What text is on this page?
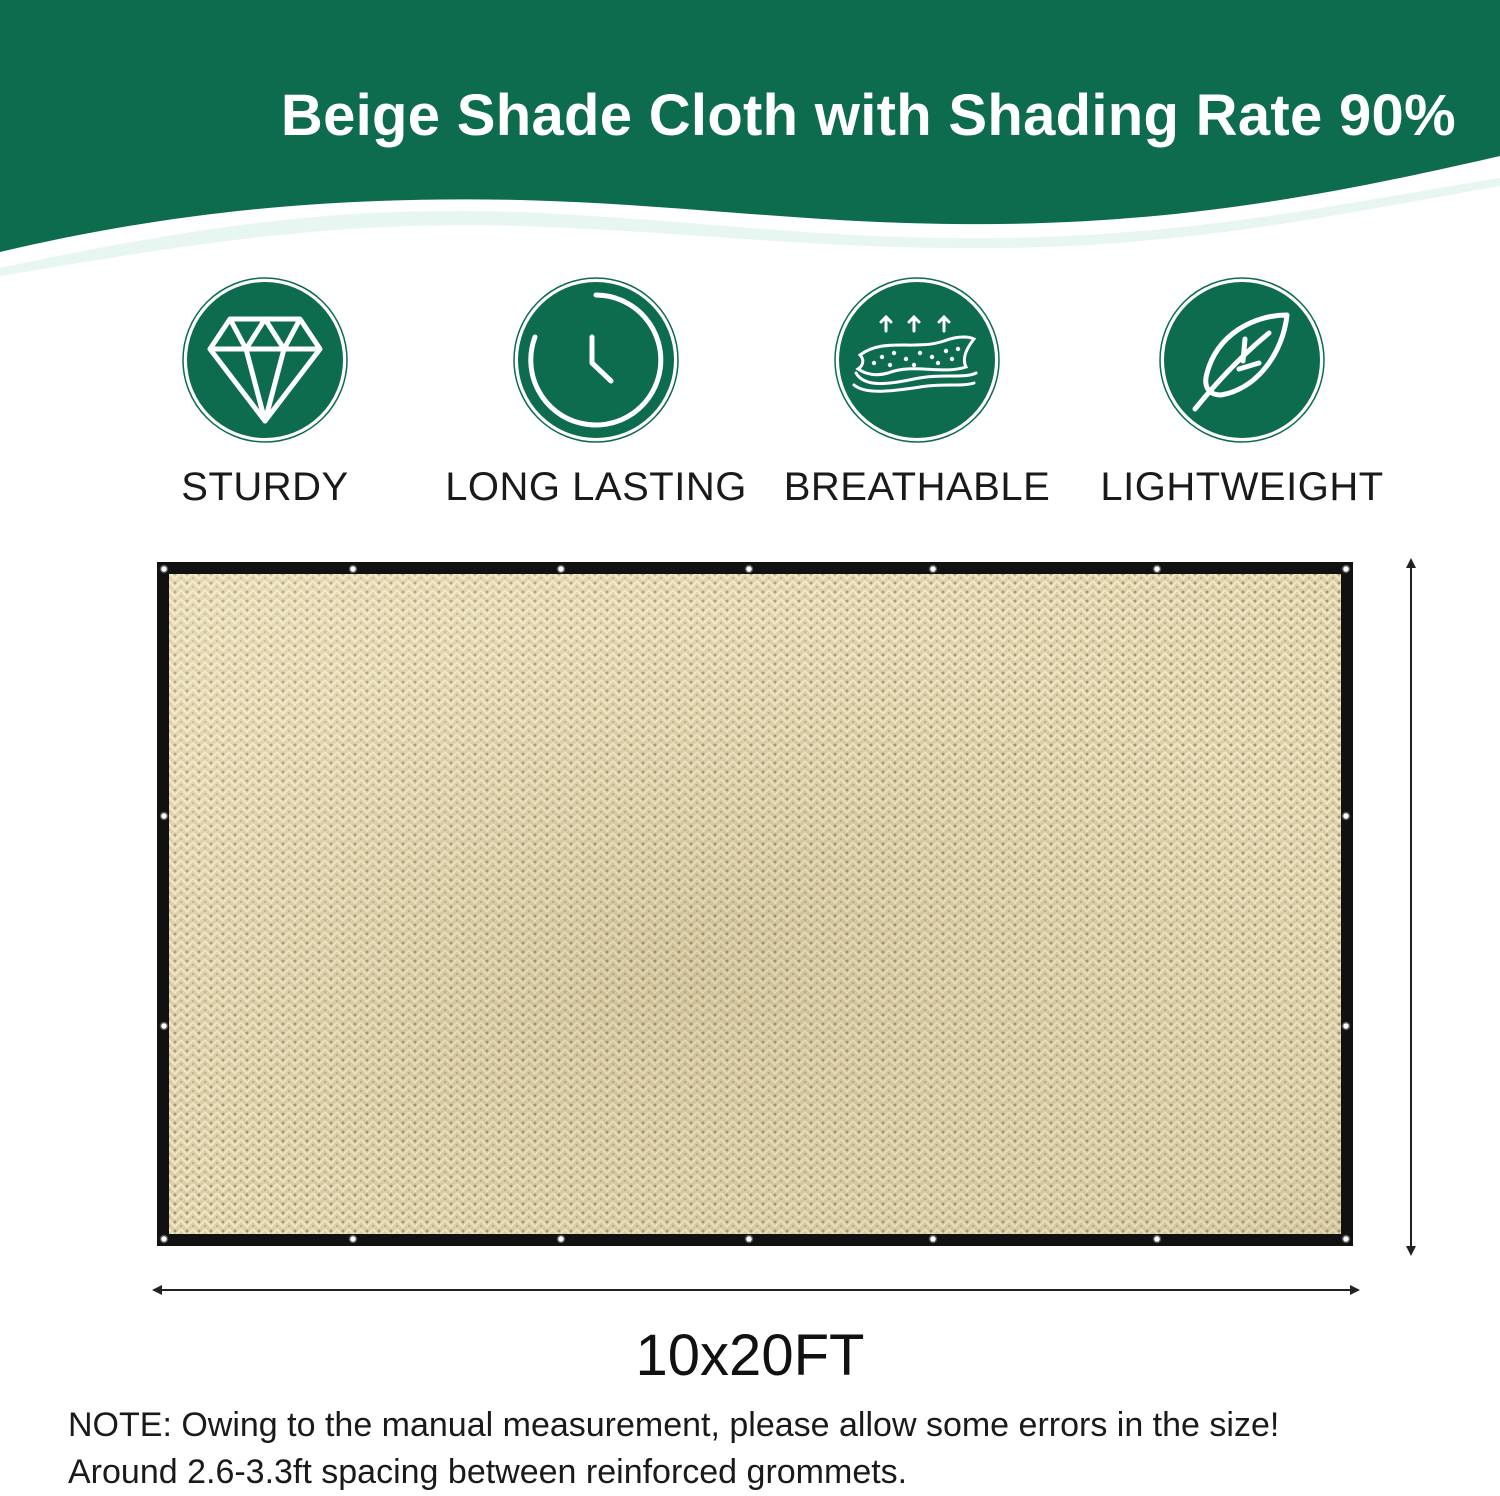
Beige Shade Cloth with Shading Rate 90%
STURDY	LONG LASTING BREATHABLE	LIGHTWEIGHT
10x20FT
NOTE: Owing to the manual measurement, please allow some errors in the size!
Around 2.6-3.3ft spacing between reinforced grommets.
